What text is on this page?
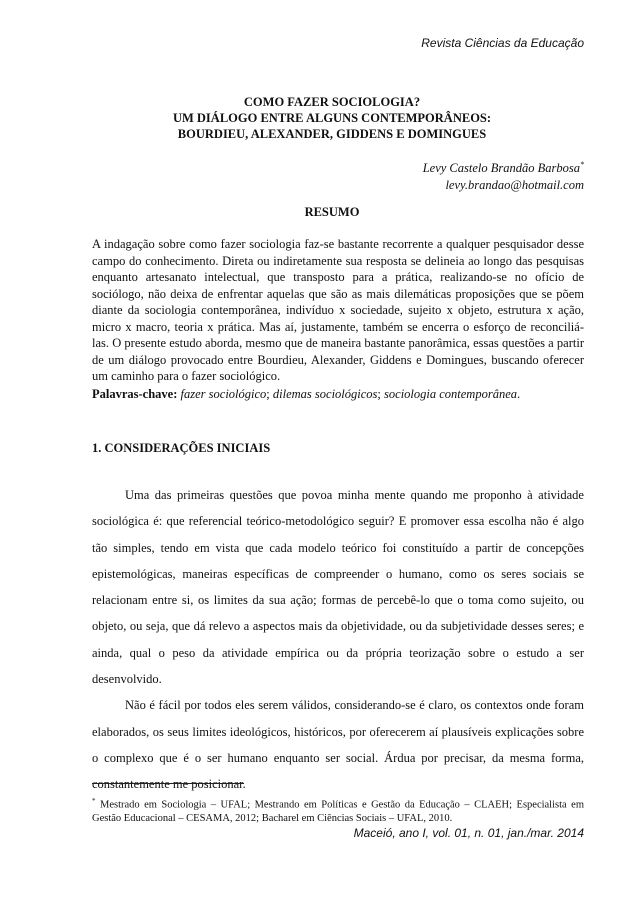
Revista Ciências da Educação
COMO FAZER SOCIOLOGIA?
UM DIÁLOGO ENTRE ALGUNS CONTEMPORÂNEOS:
BOURDIEU, ALEXANDER, GIDDENS E DOMINGUES
Levy Castelo Brandão Barbosa*
levy.brandao@hotmail.com
RESUMO

A indagação sobre como fazer sociologia faz-se bastante recorrente a qualquer pesquisador desse campo do conhecimento. Direta ou indiretamente sua resposta se delineia ao longo das pesquisas enquanto artesanato intelectual, que transposto para a prática, realizando-se no ofício de sociólogo, não deixa de enfrentar aquelas que são as mais dilemáticas proposições que se põem diante da sociologia contemporânea, indivíduo x sociedade, sujeito x objeto, estrutura x ação, micro x macro, teoria x prática. Mas aí, justamente, também se encerra o esforço de reconciliá-las. O presente estudo aborda, mesmo que de maneira bastante panorâmica, essas questões a partir de um diálogo provocado entre Bourdieu, Alexander, Giddens e Domingues, buscando oferecer um caminho para o fazer sociológico.

Palavras-chave: fazer sociológico; dilemas sociológicos; sociologia contemporânea.

1. CONSIDERAÇÕES INICIAIS

Uma das primeiras questões que povoa minha mente quando me proponho à atividade sociológica é: que referencial teórico-metodológico seguir? E promover essa escolha não é algo tão simples, tendo em vista que cada modelo teórico foi constituído a partir de concepções epistemológicas, maneiras específicas de compreender o humano, como os seres sociais se relacionam entre si, os limites da sua ação; formas de percebê-lo que o toma como sujeito, ou objeto, ou seja, que dá relevo a aspectos mais da objetividade, ou da subjetividade desses seres; e ainda, qual o peso da atividade empírica ou da própria teorização sobre o estudo a ser desenvolvido.

Não é fácil por todos eles serem válidos, considerando-se é claro, os contextos onde foram elaborados, os seus limites ideológicos, históricos, por oferecerem aí plausíveis explicações sobre o complexo que é o ser humano enquanto ser social. Árdua por precisar, da mesma forma, constantemente me posicionar.

* Mestrado em Sociologia – UFAL; Mestrando em Políticas e Gestão da Educação – CLAEH; Especialista em Gestão Educacional – CESAMA, 2012; Bacharel em Ciências Sociais – UFAL, 2010.

Maceió, ano I, vol. 01, n. 01, jan./mar. 2014
